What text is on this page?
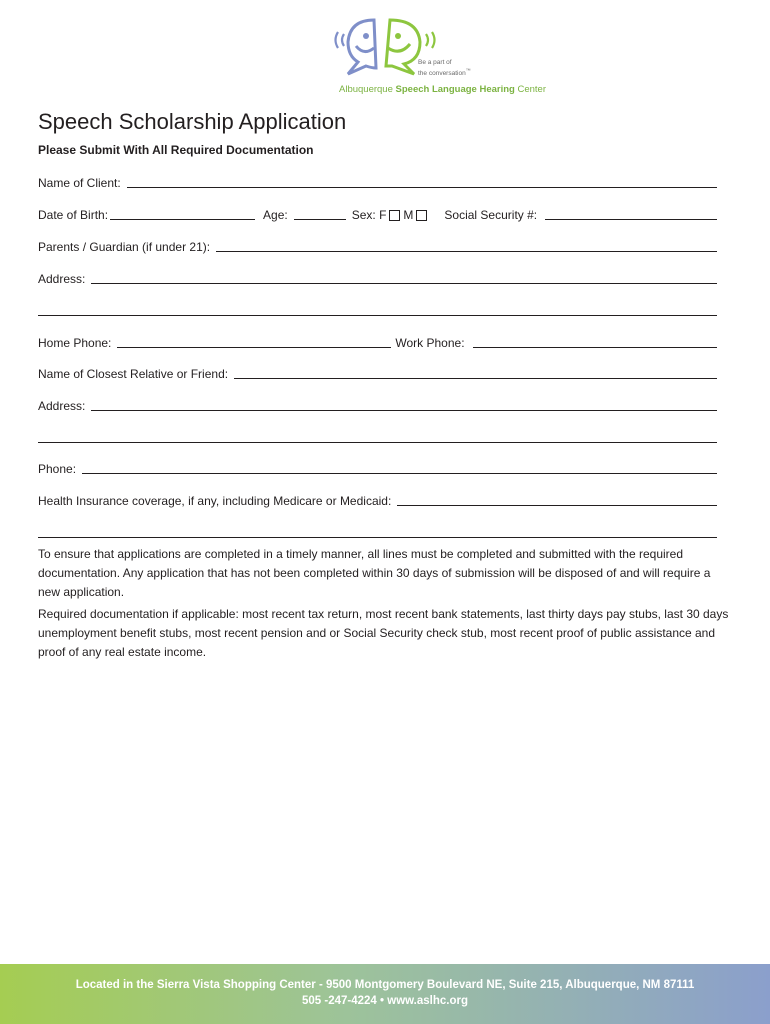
Be a part of
the conversation™
Albuquerque Speech Language Hearing Center
Speech Scholarship Application
Please Submit With All Required Documentation
Name of Client:
Date of Birth:	Age:	Sex: F M	Social Security #:
Parents / Guardian (if under 21):
Address:
Home Phone:	Work Phone:
Name of Closest Relative or Friend:
Address:
Phone:
Health Insurance coverage, if any, including Medicare or Medicaid:
To ensure that applications are completed in a timely manner, all lines must be completed and submitted with the required documentation. Any application that has not been completed within 30 days of submission will be disposed of and will require a new application.
Required documentation if applicable: most recent tax return, most recent bank statements, last thirty days pay stubs, last 30 days unemployment benefit stubs, most recent pension and or Social Security check stub, most recent proof of public assistance and proof of any real estate income.
Located in the Sierra Vista Shopping Center - 9500 Montgomery Boulevard NE, Suite 215, Albuquerque, NM 87111
505 -247-4224 • www.aslhc.org
